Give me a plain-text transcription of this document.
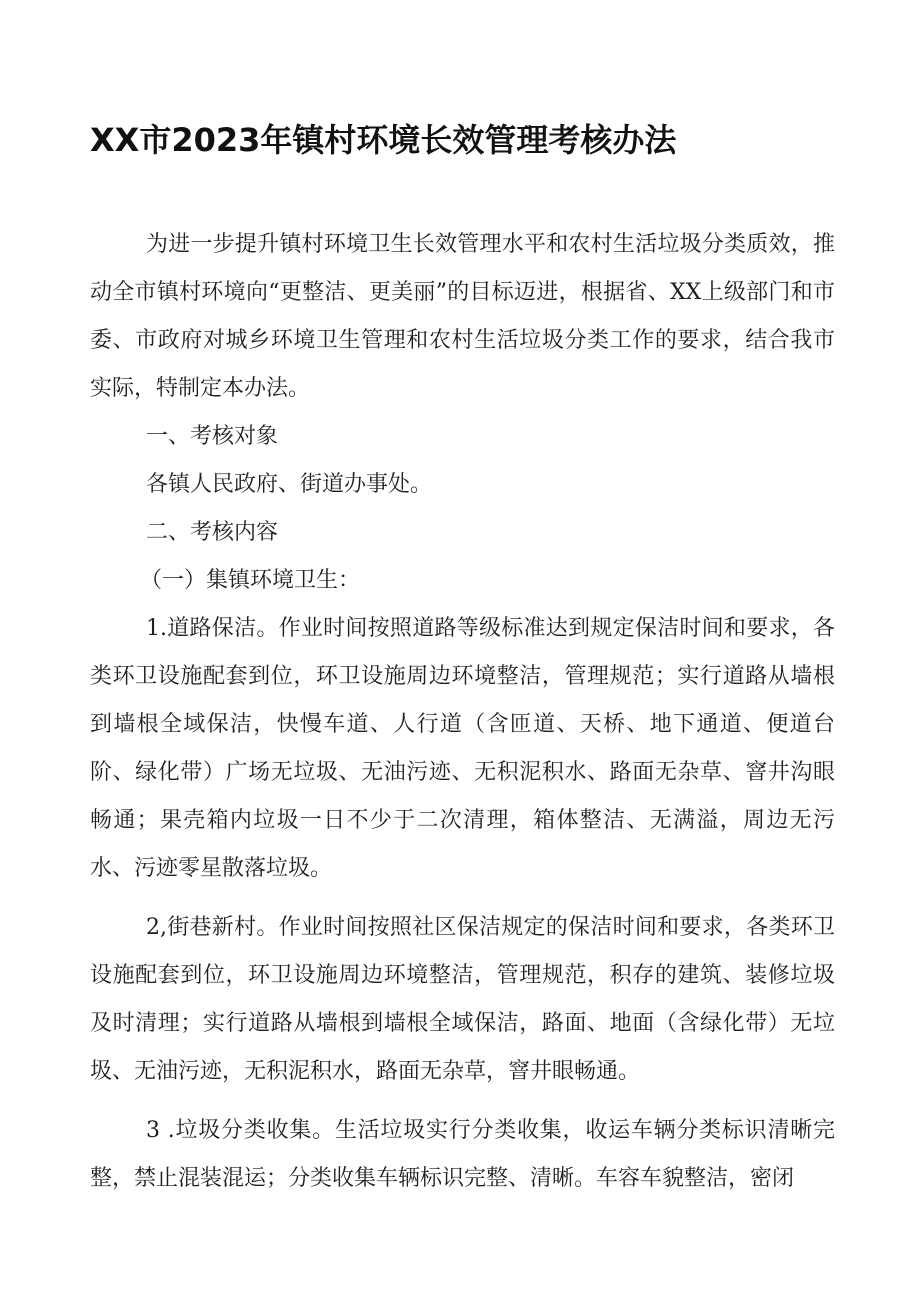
XX市2023年镇村环境长效管理考核办法

为进一步提升镇村环境卫生长效管理水平和农村生活垃圾分类质效，推动全市镇村环境向“更整洁、更美丽”的目标迈进，根据省、XX上级部门和市委、市政府对城乡环境卫生管理和农村生活垃圾分类工作的要求，结合我市实际，特制定本办法。

一、考核对象

各镇人民政府、街道办事处。

二、考核内容

（一）集镇环境卫生：

1.道路保洁。作业时间按照道路等级标准达到规定保洁时间和要求，各类环卫设施配套到位，环卫设施周边环境整洁，管理规范；实行道路从墙根到墙根全域保洁，快慢车道、人行道（含匝道、天桥、地下通道、便道台阶、绿化带）广场无垃圾、无油污迹、无积泥积水、路面无杂草、窨井沟眼畅通；果壳箱内垃圾一日不少于二次清理，箱体整洁、无满溢，周边无污水、污迹零星散落垃圾。

2,街巷新村。作业时间按照社区保洁规定的保洁时间和要求，各类环卫设施配套到位，环卫设施周边环境整洁，管理规范，积存的建筑、装修垃圾及时清理；实行道路从墙根到墙根全域保洁，路面、地面（含绿化带）无垃圾、无油污迹，无积泥积水，路面无杂草，窨井眼畅通。

3 .垃圾分类收集。生活垃圾实行分类收集，收运车辆分类标识清晰完整，禁止混装混运；分类收集车辆标识完整、清晰。车容车貌整洁，密闭
